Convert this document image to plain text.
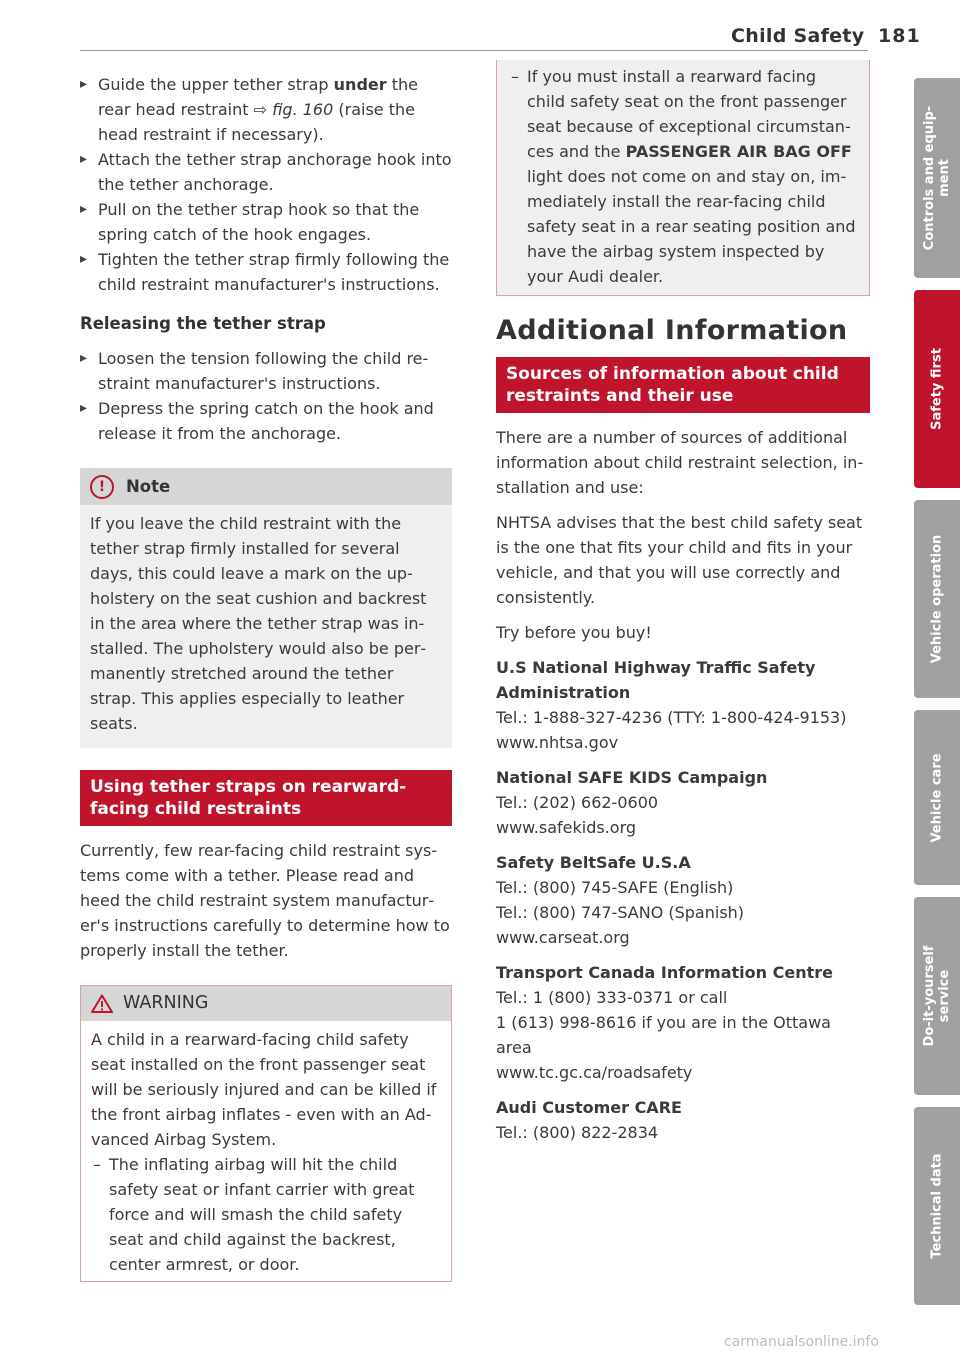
Child Safety 181
▸ Guide the upper tether strap under the rear head restraint ⇨ fig. 160 (raise the head restraint if necessary).
▸ Attach the tether strap anchorage hook into the tether anchorage.
▸ Pull on the tether strap hook so that the spring catch of the hook engages.
▸ Tighten the tether strap firmly following the child restraint manufacturer's instructions.
Releasing the tether strap
▸ Loosen the tension following the child restraint manufacturer's instructions.
▸ Depress the spring catch on the hook and release it from the anchorage.
!	Note
If you leave the child restraint with the tether strap firmly installed for several days, this could leave a mark on the upholstery on the seat cushion and backrest in the area where the tether strap was installed. The upholstery would also be permanently stretched around the tether strap. This applies especially to leather seats.
Using tether straps on rearward-facing child restraints
Currently, few rear-facing child restraint systems come with a tether. Please read and heed the child restraint system manufacturer's instructions carefully to determine how to properly install the tether.
WARNING
A child in a rearward-facing child safety seat installed on the front passenger seat will be seriously injured and can be killed if the front airbag inflates - even with an Advanced Airbag System.
– The inflating airbag will hit the child safety seat or infant carrier with great force and will smash the child safety seat and child against the backrest, center armrest, or door.
– If you must install a rearward facing child safety seat on the front passenger seat because of exceptional circumstances and the PASSENGER AIR BAG OFF light does not come on and stay on, immediately install the rear-facing child safety seat in a rear seating position and have the airbag system inspected by your Audi dealer.
Additional Information
Sources of information about child restraints and their use
There are a number of sources of additional information about child restraint selection, installation and use:
NHTSA advises that the best child safety seat is the one that fits your child and fits in your vehicle, and that you will use correctly and consistently.
Try before you buy!
U.S National Highway Traffic Safety Administration
Tel.: 1-888-327-4236 (TTY: 1-800-424-9153)
www.nhtsa.gov
National SAFE KIDS Campaign
Tel.: (202) 662-0600
www.safekids.org
Safety BeltSafe U.S.A
Tel.: (800) 745-SAFE (English)
Tel.: (800) 747-SANO (Spanish)
www.carseat.org
Transport Canada Information Centre
Tel.: 1 (800) 333-0371 or call
1 (613) 998-8616 if you are in the Ottawa area
www.tc.gc.ca/roadsafety
Audi Customer CARE
Tel.: (800) 822-2834
Controls and equip- ment
Safety first
Vehicle operation
Vehicle care
Do-it-yourself service
Technical data
carmanualsonline.info
